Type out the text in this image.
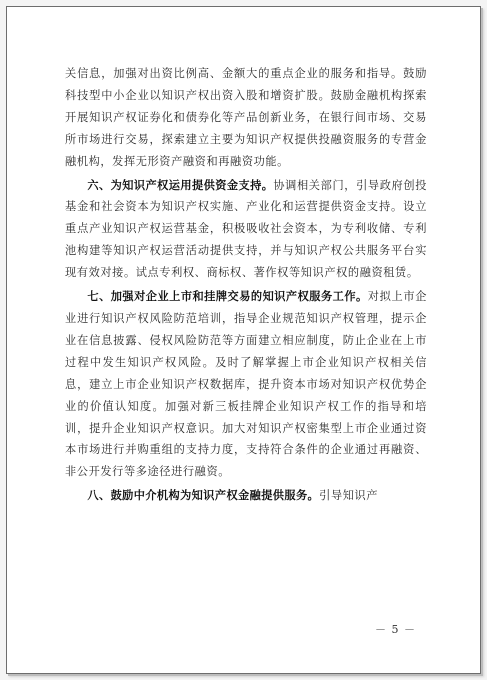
关信息，加强对出资比例高、金额大的重点企业的服务和指导。鼓励科技型中小企业以知识产权出资入股和增资扩股。鼓励金融机构探索开展知识产权证券化和债券化等产品创新业务，在银行间市场、交易所市场进行交易，探索建立主要为知识产权提供投融资服务的专营金融机构，发挥无形资产融资和再融资功能。

六、为知识产权运用提供资金支持。协调相关部门，引导政府创投基金和社会资本为知识产权实施、产业化和运营提供资金支持。设立重点产业知识产权运营基金，积极吸收社会资本，为专利收储、专利池构建等知识产权运营活动提供支持，并与知识产权公共服务平台实现有效对接。试点专利权、商标权、著作权等知识产权的融资租赁。

七、加强对企业上市和挂牌交易的知识产权服务工作。对拟上市企业进行知识产权风险防范培训，指导企业规范知识产权管理，提示企业在信息披露、侵权风险防范等方面建立相应制度，防止企业在上市过程中发生知识产权风险。及时了解掌握上市企业知识产权相关信息，建立上市企业知识产权数据库，提升资本市场对知识产权优势企业的价值认知度。加强对新三板挂牌企业知识产权工作的指导和培训，提升企业知识产权意识。加大对知识产权密集型上市企业通过资本市场进行并购重组的支持力度，支持符合条件的企业通过再融资、非公开发行等多途径进行融资。

八、鼓励中介机构为知识产权金融提供服务。引导知识产

－ 5 －
